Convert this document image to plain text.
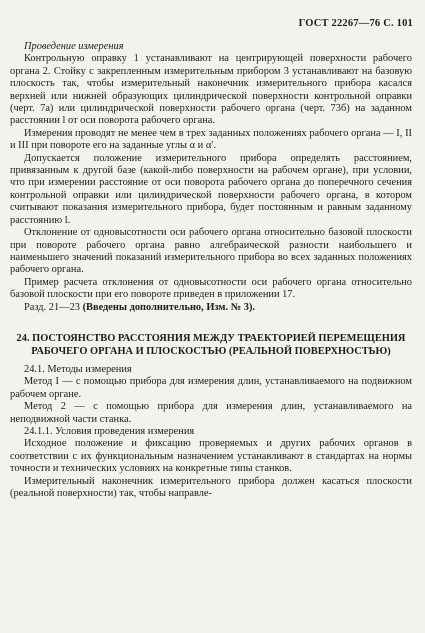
ГОСТ 22267—76 С. 101

Проведение измерения

Контрольную оправку 1 устанавливают на центрирующей поверхности рабочего органа 2. Стойку с закрепленным измерительным прибором 3 устанавливают на базовую плоскость так, чтобы измерительный наконечник измерительного прибора касался верхней или нижней образующих цилиндрической поверхности контрольной оправки (черт. 7а) или цилиндрической поверхности рабочего органа (черт. 73б) на заданном расстоянии l от оси поворота рабочего органа.

Измерения проводят не менее чем в трех заданных положениях рабочего органа — I, II и III при повороте его на заданные углы α и α′.

Допускается положение измерительного прибора определять расстоянием, привязанным к другой базе (какой-либо поверхности на рабочем органе), при условии, что при измерении расстояние от оси поворота рабочего органа до поперечного сечения контрольной оправки или цилиндрической поверхности рабочего органа, в котором считывают показания измерительного прибора, будет постоянным и равным заданному расстоянию l.

Отклонение от одновысотности оси рабочего органа относительно базовой плоскости при повороте рабочего органа равно алгебраической разности наибольшего и наименьшего значений показаний измерительного прибора во всех заданных положениях рабочего органа.

Пример расчета отклонения от одновысотности оси рабочего органа относительно базовой плоскости при его повороте приведен в приложении 17.

Разд. 21—23 (Введены дополнительно, Изм. № 3).

24. ПОСТОЯНСТВО РАССТОЯНИЯ МЕЖДУ ТРАЕКТОРИЕЙ ПЕРЕМЕЩЕНИЯ РАБОЧЕГО ОРГАНА И ПЛОСКОСТЬЮ (РЕАЛЬНОЙ ПОВЕРХНОСТЬЮ)

24.1. Методы измерения

Метод I — с помощью прибора для измерения длин, устанавливаемого на подвижном рабочем органе.

Метод 2 — с помощью прибора для измерения длин, устанавливаемого на неподвижной части станка.

24.1.1. Условия проведения измерения

Исходное положение и фиксацию проверяемых и других рабочих органов в соответствии с их функциональным назначением устанавливают в стандартах на нормы точности и технических условиях на конкретные типы станков.

Измерительный наконечник измерительного прибора должен касаться плоскости (реальной поверхности) так, чтобы направле-
